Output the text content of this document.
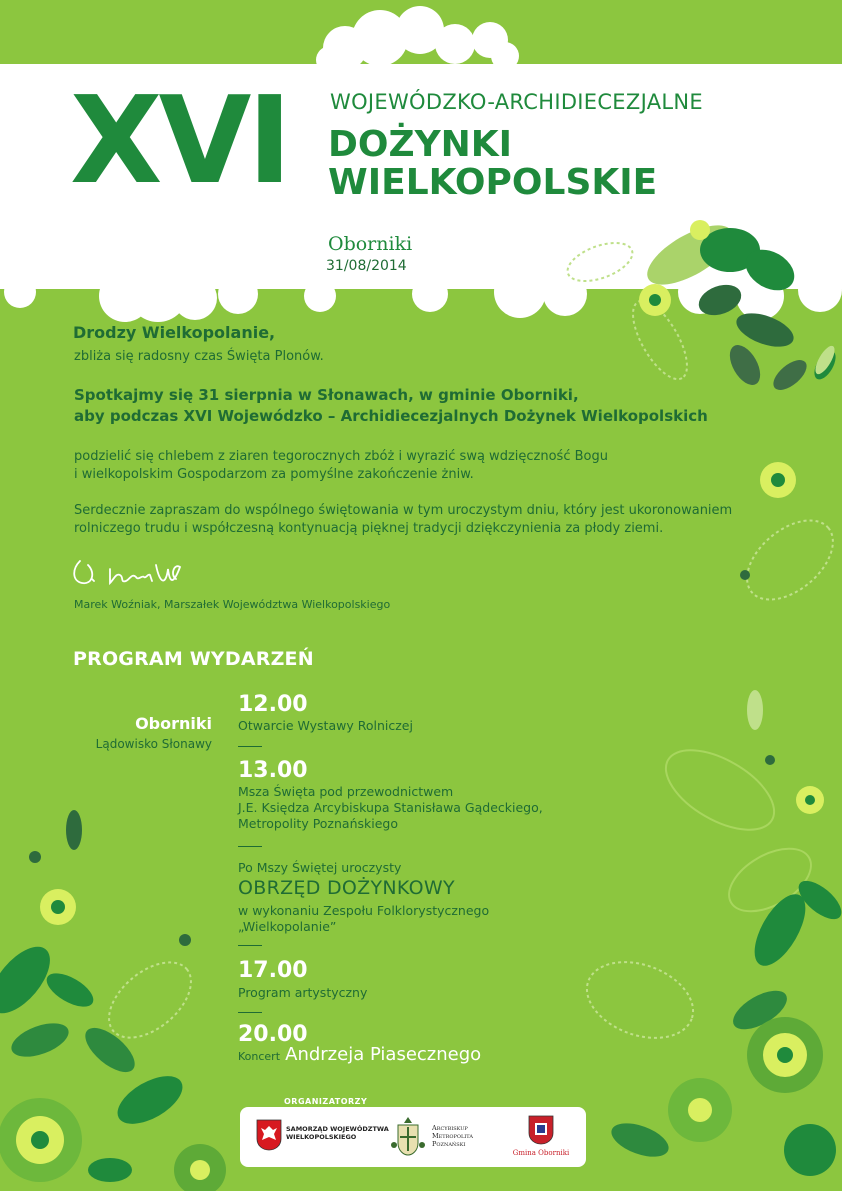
XVI WOJEWÓDZKO-ARCHIDIECEZJALNE
DOŻYNKI
WIELKOPOLSKIE
Oborniki
31/08/2014
Drodzy Wielkopolanie,
zbliża się radosny czas Święta Plonów.
Spotkajmy się 31 sierpnia w Słonawach, w gminie Oborniki,
aby podczas XVI Wojewódzko – Archidiecezjalnych Dożynek Wielkopolskich
podzielić się chlebem z ziaren tegorocznych zbóż i wyrazić swą wdzięczność Bogu
i wielkopolskim Gospodarzom za pomyślne zakończenie żniw.
Serdecznie zapraszam do wspólnego świętowania w tym uroczystym dniu, który jest ukoronowaniem
rolniczego trudu i współczesną kontynuacją pięknej tradycji dziękczynienia za płody ziemi.
Marek Woźniak, Marszałek Województwa Wielkopolskiego
PROGRAM WYDARZEŃ
Oborniki
Lądowisko Słonawy
12.00
Otwarcie Wystawy Rolniczej
13.00
Msza Święta pod przewodnictwem
J.E. Księdza Arcybiskupa Stanisława Gądeckiego,
Metropolity Poznańskiego
Po Mszy Świętej uroczysty
OBRZĘD DOŻYNKOWY
w wykonaniu Zespołu Folklorystycznego
„Wielkopolanie”
17.00
Program artystyczny
20.00
Koncert Andrzeja Piasecznego
ORGANIZATORZY
SAMORZĄD WOJEWÓDZTWA
WIELKOPOLSKIEGO
Arcybiskup
Metropolita
Poznański
Gmina Oborniki
